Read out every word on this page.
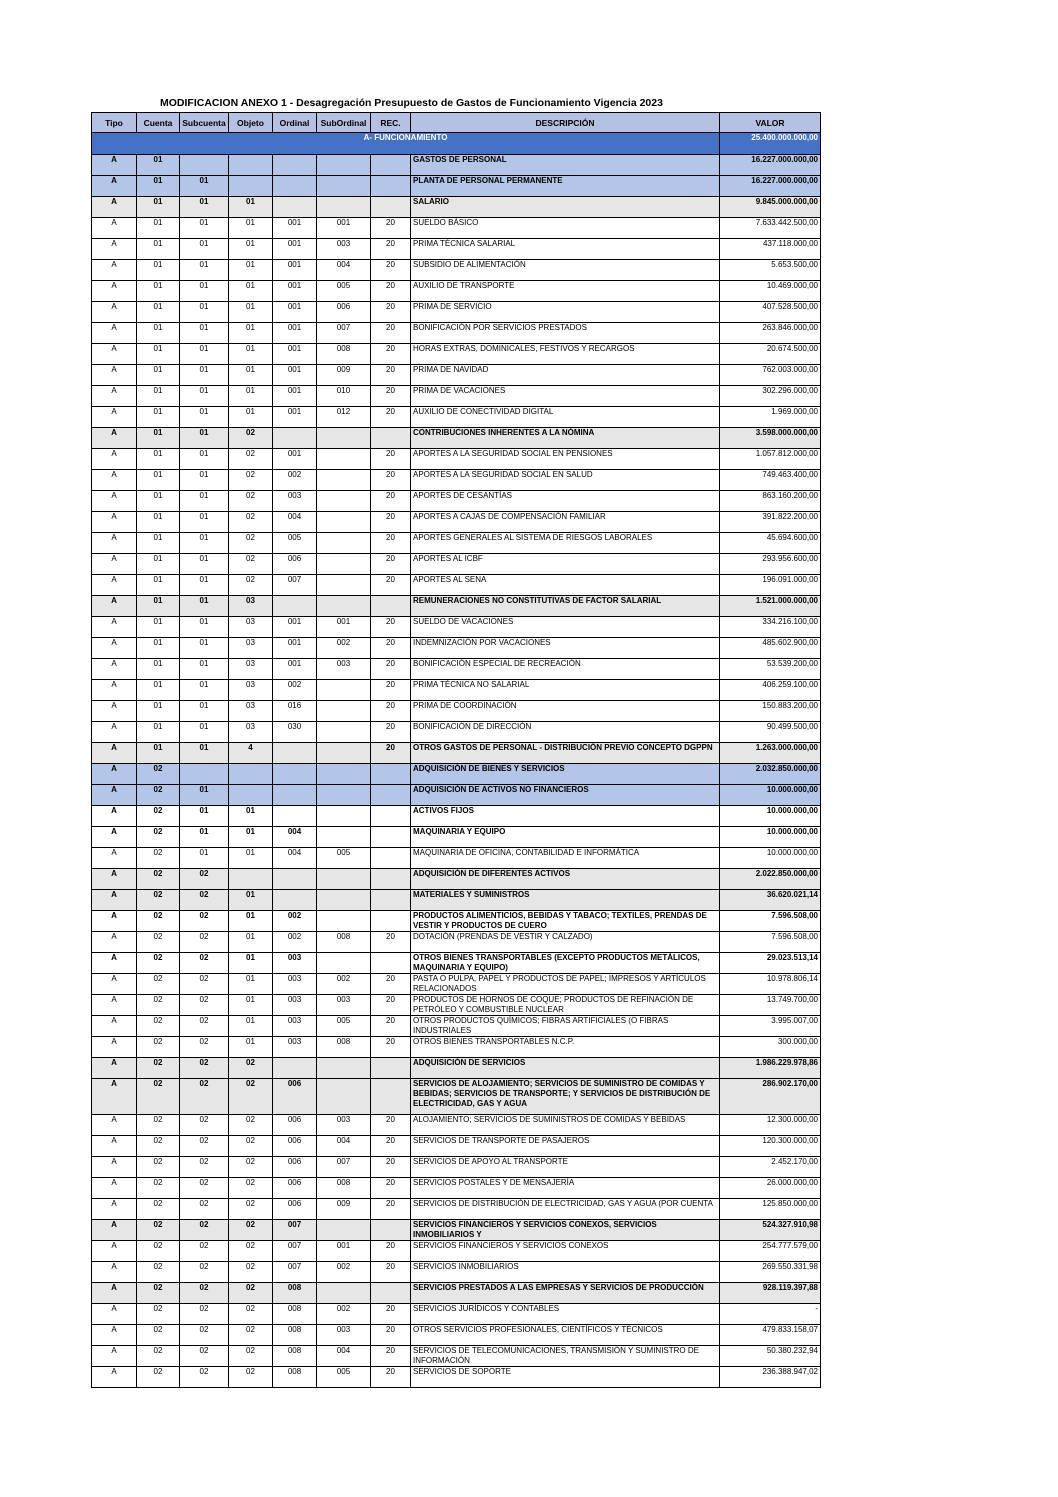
MODIFICACION ANEXO 1 - Desagregación Presupuesto de Gastos de Funcionamiento Vigencia 2023
Tipo	Cuenta	Subcuenta	Objeto	Ordinal	SubOrdinal	REC.	DESCRIPCIÓN	VALOR
A- FUNCIONAMIENTO								25.400.000.000,00
A	01						GASTOS DE PERSONAL	16.227.000.000,00
A	01	01					PLANTA DE PERSONAL PERMANENTE	16.227.000.000,00
A	01	01	01				SALARIO	9.845.000.000,00
A	01	01	01	001	001	20	SUELDO BÁSICO	7.633.442.500,00
A	01	01	01	001	003	20	PRIMA TÉCNICA SALARIAL	437.118.000,00
A	01	01	01	001	004	20	SUBSIDIO DE ALIMENTACIÓN	5.653.500,00
A	01	01	01	001	005	20	AUXILIO DE TRANSPORTE	10.469.000,00
A	01	01	01	001	006	20	PRIMA DE SERVICIO	407.528.500,00
A	01	01	01	001	007	20	BONIFICACIÓN POR SERVICIOS PRESTADOS	263.846.000,00
A	01	01	01	001	008	20	HORAS EXTRAS, DOMINICALES, FESTIVOS Y RECARGOS	20.674.500,00
A	01	01	01	001	009	20	PRIMA DE NAVIDAD	762.003.000,00
A	01	01	01	001	010	20	PRIMA DE VACACIONES	302.296.000,00
A	01	01	01	001	012	20	AUXILIO DE CONECTIVIDAD DIGITAL	1.969.000,00
A	01	01	02				CONTRIBUCIONES INHERENTES A LA NÓMINA	3.598.000.000,00
A	01	01	02	001		20	APORTES A LA SEGURIDAD SOCIAL EN PENSIONES	1.057.812.000,00
A	01	01	02	002		20	APORTES A LA SEGURIDAD SOCIAL EN SALUD	749.463.400,00
A	01	01	02	003		20	APORTES DE CESANTÍAS	863.160.200,00
A	01	01	02	004		20	APORTES A CAJAS DE COMPENSACIÓN FAMILIAR	391.822.200,00
A	01	01	02	005		20	APORTES GENERALES AL SISTEMA DE RIESGOS LABORALES	45.694.600,00
A	01	01	02	006		20	APORTES AL ICBF	293.956.600,00
A	01	01	02	007		20	APORTES AL SENA	196.091.000,00
A	01	01	03				REMUNERACIONES NO CONSTITUTIVAS DE FACTOR SALARIAL	1.521.000.000,00
A	01	01	03	001	001	20	SUELDO DE VACACIONES	334.216.100,00
A	01	01	03	001	002	20	INDEMNIZACIÓN POR VACACIONES	485.602.900,00
A	01	01	03	001	003	20	BONIFICACIÓN ESPECIAL DE RECREACIÓN	53.539.200,00
A	01	01	03	002		20	PRIMA TÉCNICA NO SALARIAL	406.259.100,00
A	01	01	03	016		20	PRIMA DE COORDINACIÓN	150.883.200,00
A	01	01	03	030		20	BONIFICACIÓN DE DIRECCIÓN	90.499.500,00
A	01	01	4			20	OTROS GASTOS DE PERSONAL - DISTRIBUCIÓN PREVIO CONCEPTO DGPPN	1.263.000.000,00
A	02						ADQUISICIÓN DE BIENES Y SERVICIOS	2.032.850.000,00
A	02	01					ADQUISICIÓN DE ACTIVOS NO FINANCIEROS	10.000.000,00
A	02	01	01				ACTIVOS FIJOS	10.000.000,00
A	02	01	01	004			MAQUINARIA Y EQUIPO	10.000.000,00
A	02	01	01	004	005		MAQUINARIA DE OFICINA, CONTABILIDAD E INFORMÁTICA	10.000.000,00
A	02	02					ADQUISICIÓN DE DIFERENTES ACTIVOS	2.022.850.000,00
A	02	02	01				MATERIALES Y SUMINISTROS	36.620.021,14
A	02	02	01	002			PRODUCTOS ALIMENTICIOS, BEBIDAS Y TABACO; TEXTILES, PRENDAS DE VESTIR Y PRODUCTOS DE CUERO	7.596.508,00
A	02	02	01	002	008	20	DOTACIÓN (PRENDAS DE VESTIR Y CALZADO)	7.596.508,00
A	02	02	01	003			OTROS BIENES TRANSPORTABLES (EXCEPTO PRODUCTOS METÁLICOS, MAQUINARIA Y EQUIPO)	29.023.513,14
A	02	02	01	003	002	20	PASTA O PULPA, PAPEL Y PRODUCTOS DE PAPEL; IMPRESOS Y ARTÍCULOS RELACIONADOS	10.978.806,14
A	02	02	01	003	003	20	PRODUCTOS DE HORNOS DE COQUE; PRODUCTOS DE REFINACIÓN DE PETRÓLEO Y COMBUSTIBLE NUCLEAR	13.749.700,00
A	02	02	01	003	005	20	OTROS PRODUCTOS QUÍMICOS; FIBRAS ARTIFICIALES (O FIBRAS INDUSTRIALES	3.995.007,00
A	02	02	01	003	008	20	OTROS BIENES TRANSPORTABLES N.C.P.	300.000,00
A	02	02	02				ADQUISICIÓN DE SERVICIOS	1.986.229.978,86
A	02	02	02	006			SERVICIOS DE ALOJAMIENTO; SERVICIOS DE SUMINISTRO DE COMIDAS Y BEBIDAS; SERVICIOS DE TRANSPORTE; Y SERVICIOS DE DISTRIBUCIÓN DE ELECTRICIDAD, GAS Y AGUA	286.902.170,00
A	02	02	02	006	003	20	ALOJAMIENTO; SERVICIOS DE SUMINISTROS DE COMIDAS Y BEBIDAS	12.300.000,00
A	02	02	02	006	004	20	SERVICIOS DE TRANSPORTE DE PASAJEROS	120.300.000,00
A	02	02	02	006	007	20	SERVICIOS DE APOYO AL TRANSPORTE	2.452.170,00
A	02	02	02	006	008	20	SERVICIOS POSTALES Y DE MENSAJERÍA	26.000.000,00
A	02	02	02	006	009	20	SERVICIOS DE DISTRIBUCIÓN DE ELECTRICIDAD, GAS Y AGUA (POR CUENTA	125.850.000,00
A	02	02	02	007			SERVICIOS FINANCIEROS Y SERVICIOS CONEXOS, SERVICIOS INMOBILIARIOS Y	524.327.910,98
A	02	02	02	007	001	20	SERVICIOS FINANCIEROS Y SERVICIOS CONEXOS	254.777.579,00
A	02	02	02	007	002	20	SERVICIOS INMOBILIARIOS	269.550.331,98
A	02	02	02	008			SERVICIOS PRESTADOS A LAS EMPRESAS Y SERVICIOS DE PRODUCCIÓN	928.119.397,88
A	02	02	02	008	002	20	SERVICIOS JURÍDICOS Y CONTABLES	-
A	02	02	02	008	003	20	OTROS SERVICIOS PROFESIONALES, CIENTÍFICOS Y TÉCNICOS	479.833.158,07
A	02	02	02	008	004	20	SERVICIOS DE TELECOMUNICACIONES, TRANSMISIÓN Y SUMINISTRO DE INFORMACIÓN	50.380.232,94
A	02	02	02	008	005	20	SERVICIOS DE SOPORTE	236.388.947,02
